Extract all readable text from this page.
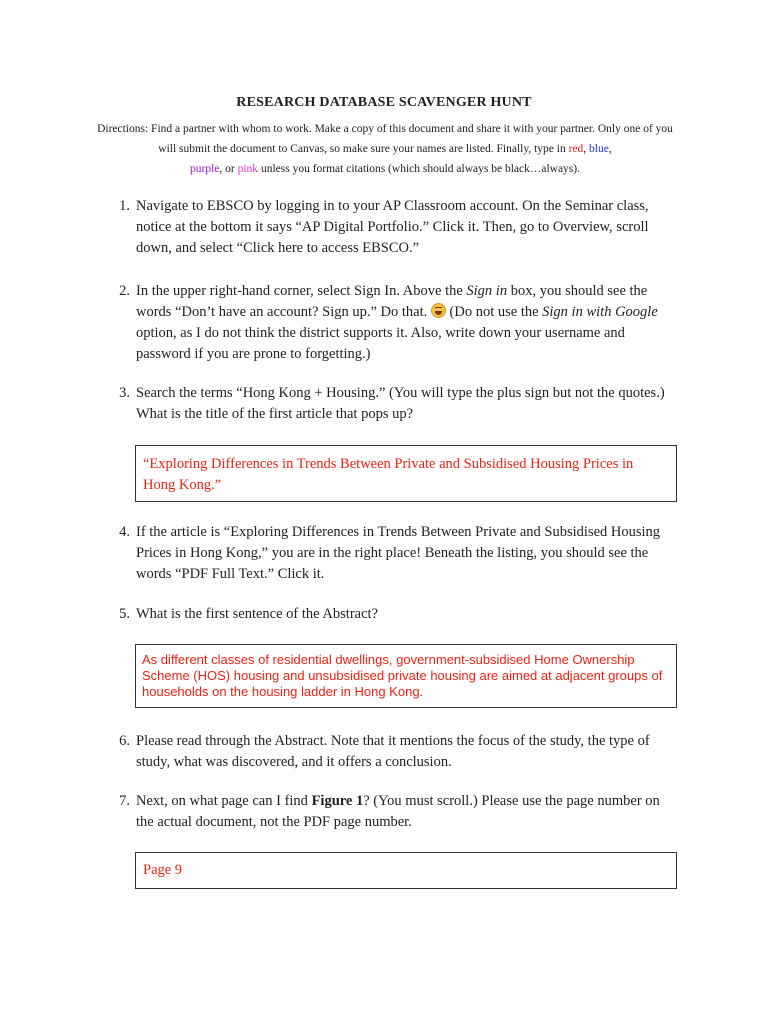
RESEARCH DATABASE SCAVENGER HUNT
Directions: Find a partner with whom to work. Make a copy of this document and share it with your partner. Only one of you will submit the document to Canvas, so make sure your names are listed. Finally, type in red, blue,
purple, or pink unless you format citations (which should always be black…always).
1. Navigate to EBSCO by logging in to your AP Classroom account. On the Seminar class, notice at the bottom it says “AP Digital Portfolio.” Click it. Then, go to Overview, scroll down, and select “Click here to access EBSCO.”
2. In the upper right-hand corner, select Sign In. Above the Sign in box, you should see the words “Don’t have an account? Sign up.” Do that.  (Do not use the Sign in with Google option, as I do not think the district supports it. Also, write down your username and password if you are prone to forgetting.)
3. Search the terms “Hong Kong + Housing.” (You will type the plus sign but not the quotes.) What is the title of the first article that pops up?
“Exploring Differences in Trends Between Private and Subsidised Housing Prices in Hong Kong.”
4. If the article is “Exploring Differences in Trends Between Private and Subsidised Housing Prices in Hong Kong,” you are in the right place! Beneath the listing, you should see the words “PDF Full Text.” Click it.
5. What is the first sentence of the Abstract?
As different classes of residential dwellings, government-subsidised Home Ownership Scheme (HOS) housing and unsubsidised private housing are aimed at adjacent groups of households on the housing ladder in Hong Kong.
6. Please read through the Abstract. Note that it mentions the focus of the study, the type of study, what was discovered, and it offers a conclusion.
7. Next, on what page can I find Figure 1? (You must scroll.) Please use the page number on the actual document, not the PDF page number.
Page 9
